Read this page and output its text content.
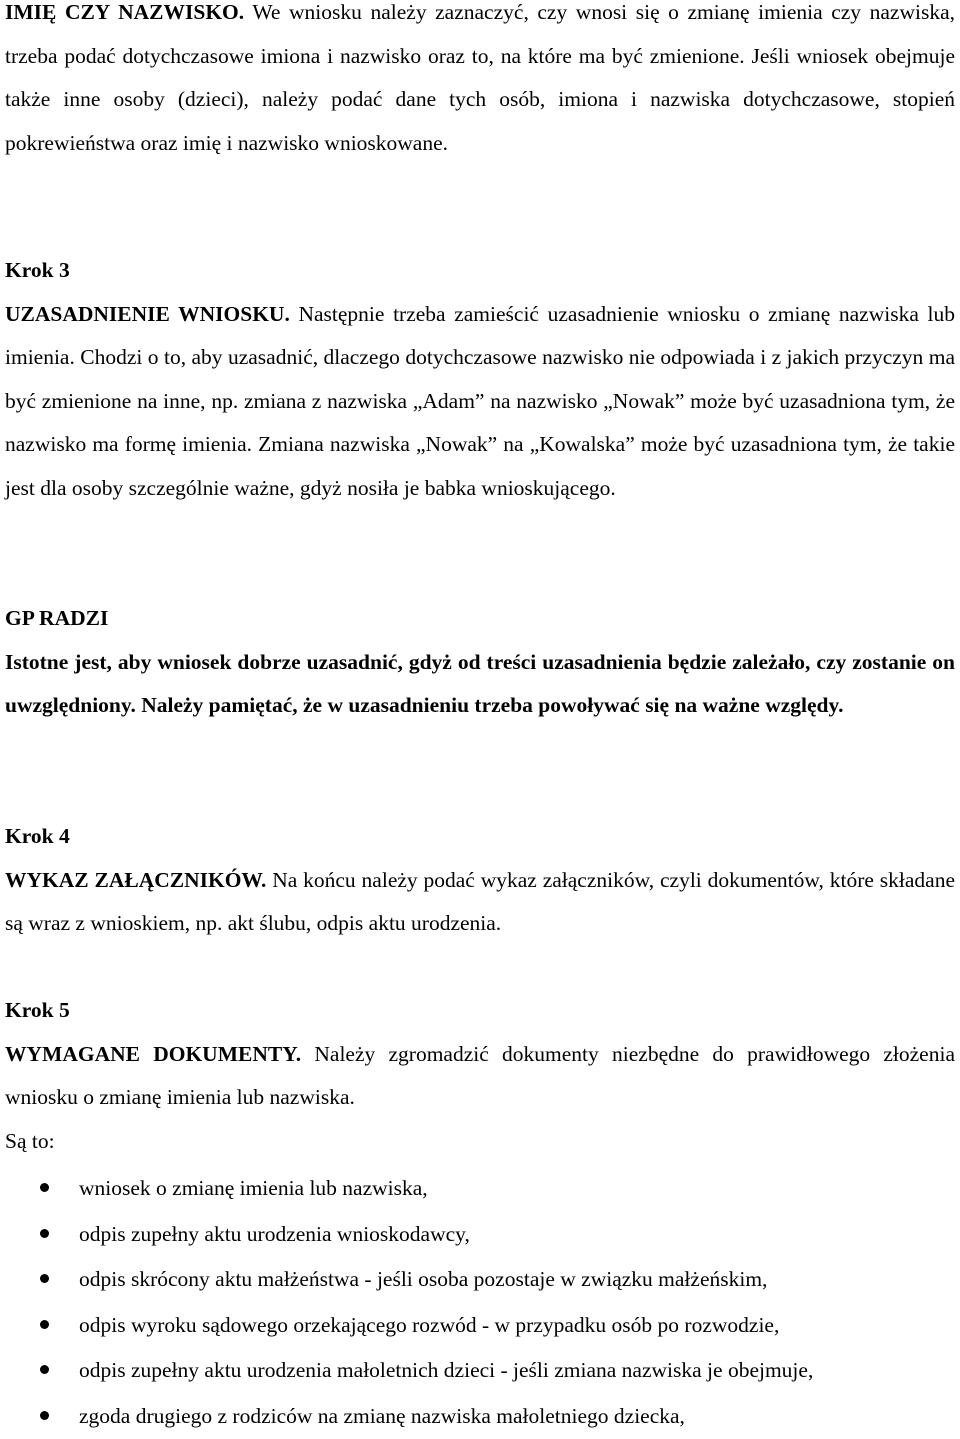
IMIĘ CZY NAZWISKO. We wniosku należy zaznaczyć, czy wnosi się o zmianę imienia czy nazwiska, trzeba podać dotychczasowe imiona i nazwisko oraz to, na które ma być zmienione. Jeśli wniosek obejmuje także inne osoby (dzieci), należy podać dane tych osób, imiona i nazwiska dotychczasowe, stopień pokrewieństwa oraz imię i nazwisko wnioskowane.

Krok 3

UZASADNIENIE WNIOSKU. Następnie trzeba zamieścić uzasadnienie wniosku o zmianę nazwiska lub imienia. Chodzi o to, aby uzasadnić, dlaczego dotychczasowe nazwisko nie odpowiada i z jakich przyczyn ma być zmienione na inne, np. zmiana z nazwiska „Adam” na nazwisko „Nowak” może być uzasadniona tym, że nazwisko ma formę imienia. Zmiana nazwiska „Nowak” na „Kowalska” może być uzasadniona tym, że takie jest dla osoby szczególnie ważne, gdyż nosiła je babka wnioskującego.

GP RADZI

Istotne jest, aby wniosek dobrze uzasadnić, gdyż od treści uzasadnienia będzie zależało, czy zostanie on uwzględniony. Należy pamiętać, że w uzasadnieniu trzeba powoływać się na ważne względy.

Krok 4

WYKAZ ZAŁĄCZNIKÓW. Na końcu należy podać wykaz załączników, czyli dokumentów, które składane są wraz z wnioskiem, np. akt ślubu, odpis aktu urodzenia.

Krok 5

WYMAGANE DOKUMENTY. Należy zgromadzić dokumenty niezbędne do prawidłowego złożenia wniosku o zmianę imienia lub nazwiska.

Są to:

wniosek o zmianę imienia lub nazwiska,
odpis zupełny aktu urodzenia wnioskodawcy,
odpis skrócony aktu małżeństwa - jeśli osoba pozostaje w związku małżeńskim,
odpis wyroku sądowego orzekającego rozwód - w przypadku osób po rozwodzie,
odpis zupełny aktu urodzenia małoletnich dzieci - jeśli zmiana nazwiska je obejmuje,
zgoda drugiego z rodziców na zmianę nazwiska małoletniego dziecka,
